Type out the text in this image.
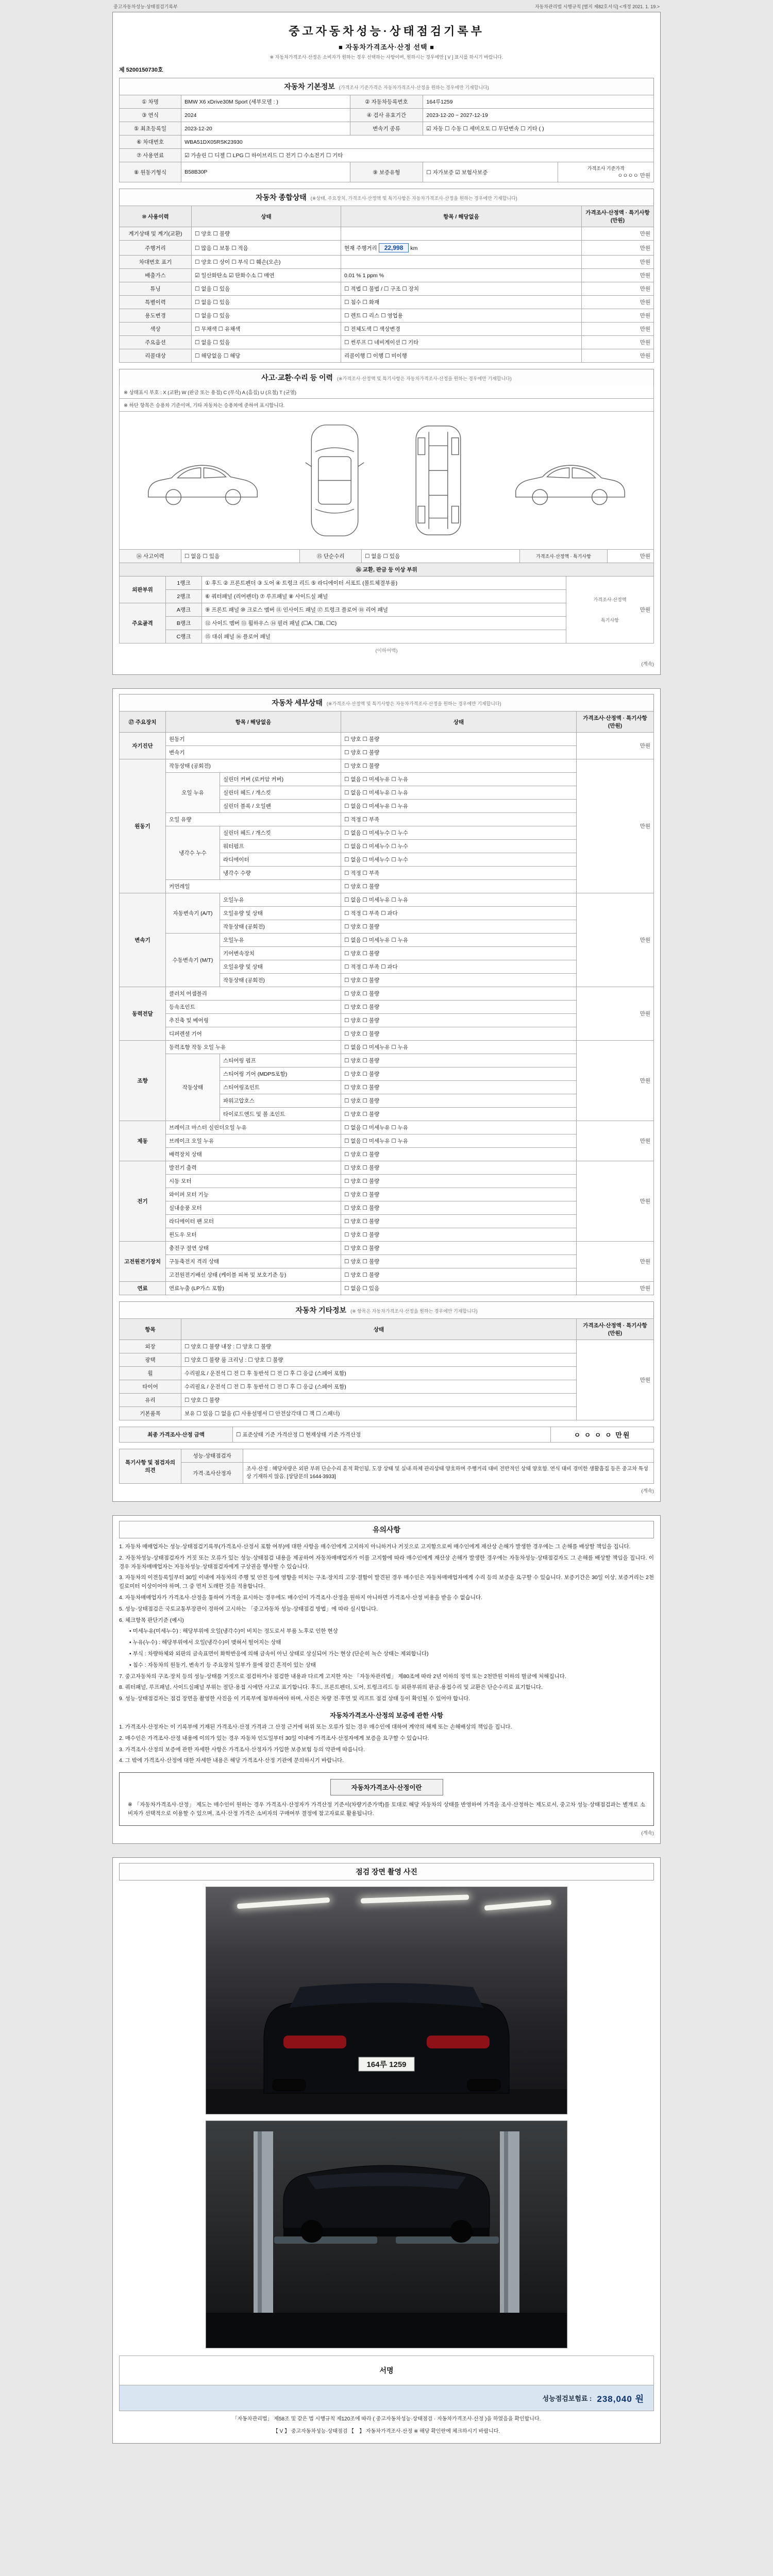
중고자동차성능·상태점검기록부	자동차관리법 시행규칙 [별지 제82호서식] <개정 2021. 1. 19.>
중고자동차성능·상태점검기록부
■ 자동차가격조사·산정 선택 ■
※ 자동차가격조사·산정은 소비자가 원하는 경우 선택하는 사항이며, 원하시는 경우에만 [ V ] 표시를 하시기 바랍니다.
제 5200150730호
자동차 기본정보 (가격조사 기준가격은 자동차가격조사·산정을 원하는 경우에만 기재합니다)
① 차명	BMW X6 xDrive30M Sport (세부모델 : )	② 자동차등록번호	164루1259	
③ 연식	2024	④ 검사 유효기간	2023-12-20 ~ 2027-12-19	
⑤ 최초등록일	2023-12-20	변속기 종류	☑ 자동 ☐ 수동 ☐ 세미오토 ☐ 무단변속 ☐ 기타 ( )	
⑥ 차대번호	WBA51DX05RSK23930			
⑦ 사용연료	☑ 가솔린 ☐ 디젤 ☐ LPG ☐ 하이브리드 ☐ 전기 ☐ 수소전기 ☐ 기타			
⑧ 원동기형식	B58B30P	⑨ 보증유형	☐ 자가보증 ☑ 보험사보증	가격조사 기준가격
ㅇㅇㅇㅇ 만원
자동차 종합상태 (※상태, 주요장치, 가격조사·산정액 및 특기사항은 자동차가격조사·산정을 원하는 경우에만 기재합니다)
⑩ 사용이력	상태	항목 / 해당없음	가격조사·산정액 · 특기사항 (만원)
계기상태 및 계기(교환)	☐ 양호 ☐ 불량		만원
주행거리	☐ 많음 ☐ 보통 ☐ 적음	현재 주행거리 22,998 km	만원
차대번호 표기	☐ 양호 ☐ 상이 ☐ 부식 ☐ 훼손(오손)		만원
배출가스	☑ 일산화탄소 ☑ 탄화수소 ☐ 매연	0.01 % 1 ppm %	만원
튜닝	☐ 없음 ☐ 있음	☐ 적법 ☐ 불법 / ☐ 구조 ☐ 장치	만원
특별이력	☐ 없음 ☐ 있음	☐ 침수 ☐ 화재	만원
용도변경	☐ 없음 ☐ 있음	☐ 렌트 ☐ 리스 ☐ 영업용	만원
색상	☐ 무채색 ☐ 유채색	☐ 전체도색 ☐ 색상변경	만원
주요옵션	☐ 없음 ☐ 있음	☐ 썬루프 ☐ 네비게이션 ☐ 기타	만원
리콜대상	☐ 해당없음 ☐ 해당	리콜이행 ☐ 이행 ☐ 미이행	만원
사고·교환·수리 등 이력 (※가격조사·산정액 및 특기사항은 자동차가격조사·산정을 원하는 경우에만 기재합니다)
※ 상태표시 부호 : X (교환) W (판금 또는 용접) C (부식) A (흠집) U (요철) T (균열)
※ 하단 항목은 승용차 기준이며, 기타 자동차는 승용차에 준하여 표시합니다.
⑭ 사고이력	☐ 없음 ☐ 있음	⑮ 단순수리	☐ 없음 ☐ 있음	가격조사·산정액 · 특기사항	만원
⑯ 교환, 판금 등 이상 부위			
외판부위	1랭크	① 후드 ② 프론트펜더 ③ 도어 ④ 트렁크 리드 ⑤ 라디에이터 서포트 (볼트체결부품)	가격조사·산정액
만원
특기사항

	2랭크	⑥ 쿼터패널 (리어펜더) ⑦ 루프패널 ⑧ 사이드실 패널	
주요골격	A랭크	⑨ 프론트 패널 ⑩ 크로스 멤버 ⑪ 인사이드 패널 ⑰ 트렁크 플로어 ⑱ 리어 패널	
	B랭크	⑫ 사이드 멤버 ⑬ 휠하우스 ⑭ 필러 패널 (☐A, ☐B, ☐C)	
	C랭크	⑮ 대쉬 패널 ⑯ 플로어 패널	
(이하여백)
(계속)
자동차 세부상태 (※가격조사·산정액 및 특기사항은 자동차가격조사·산정을 원하는 경우에만 기재합니다)
⑰ 주요장치	항목 / 해당없음		상태	가격조사·산정액 · 특기사항 (만원)
자기진단	원동기		☐ 양호 ☐ 불량	만원
	변속기		☐ 양호 ☐ 불량	
원동기	작동상태 (공회전)		☐ 양호 ☐ 불량	만원
	오일 누유	실린더 커버 (로커암 커버)	☐ 없음 ☐ 미세누유 ☐ 누유	
		실린더 헤드 / 개스킷	☐ 없음 ☐ 미세누유 ☐ 누유	
		실린더 블록 / 오일팬	☐ 없음 ☐ 미세누유 ☐ 누유	
	오일 유량		☐ 적정 ☐ 부족	
	냉각수 누수	실린더 헤드 / 개스킷	☐ 없음 ☐ 미세누수 ☐ 누수	
		워터펌프	☐ 없음 ☐ 미세누수 ☐ 누수	
		라디에이터	☐ 없음 ☐ 미세누수 ☐ 누수	
		냉각수 수량	☐ 적정 ☐ 부족	
	커먼레일		☐ 양호 ☐ 불량	
변속기	자동변속기 (A/T)	오일누유	☐ 없음 ☐ 미세누유 ☐ 누유	만원
		오일유량 및 상태	☐ 적정 ☐ 부족 ☐ 과다	
		작동상태 (공회전)	☐ 양호 ☐ 불량	
	수동변속기 (M/T)	오일누유	☐ 없음 ☐ 미세누유 ☐ 누유	
		기어변속장치	☐ 양호 ☐ 불량	
		오일유량 및 상태	☐ 적정 ☐ 부족 ☐ 과다	
		작동상태 (공회전)	☐ 양호 ☐ 불량	
동력전달	클러치 어셈블리		☐ 양호 ☐ 불량	만원
	등속조인트		☐ 양호 ☐ 불량	
	추진축 및 베어링		☐ 양호 ☐ 불량	
	디퍼렌셜 기어		☐ 양호 ☐ 불량	
조향	동력조향 작동 오일 누유		☐ 없음 ☐ 미세누유 ☐ 누유	만원
	작동상태	스티어링 펌프	☐ 양호 ☐ 불량	
		스티어링 기어 (MDPS포함)	☐ 양호 ☐ 불량	
		스티어링조인트	☐ 양호 ☐ 불량	
		파워고압호스	☐ 양호 ☐ 불량	
		타이로드엔드 및 볼 조인트	☐ 양호 ☐ 불량	
제동	브레이크 마스터 실린더오일 누유		☐ 없음 ☐ 미세누유 ☐ 누유	만원
	브레이크 오일 누유		☐ 없음 ☐ 미세누유 ☐ 누유	
	배력장치 상태		☐ 양호 ☐ 불량	
전기	발전기 출력		☐ 양호 ☐ 불량	만원
	시동 모터		☐ 양호 ☐ 불량	
	와이퍼 모터 기능		☐ 양호 ☐ 불량	
	실내송풍 모터		☐ 양호 ☐ 불량	
	라디에이터 팬 모터		☐ 양호 ☐ 불량	
	윈도우 모터		☐ 양호 ☐ 불량	
고전원전기장치	충전구 절연 상태		☐ 양호 ☐ 불량	만원
	구동축전지 격리 상태		☐ 양호 ☐ 불량	
	고전원전기배선 상태 (케이블 피복 및 보호기준 등)		☐ 양호 ☐ 불량	
연료	연료누출 (LP가스 포함)		☐ 없음 ☐ 있음	만원
자동차 기타정보 (※ 항목은 자동차가격조사·산정을 원하는 경우에만 기재합니다)
항목	상태	가격조사·산정액 · 특기사항 (만원)
외장	☐ 양호 ☐ 불량 내장 : ☐ 양호 ☐ 불량	만원
광택	☐ 양호 ☐ 불량 룸 크리닝 : ☐ 양호 ☐ 불량	
휠	수리필요 / 운전석 ☐ 전 ☐ 후 동반석 ☐ 전 ☐ 후 ☐ 응급 (스페어 포함)	
타이어	수리필요 / 운전석 ☐ 전 ☐ 후 동반석 ☐ 전 ☐ 후 ☐ 응급 (스페어 포함)	
유리	☐ 양호 ☐ 불량	
기본품목	보유 ☐ 있음 ☐ 없음 (☐ 사용설명서 ☐ 안전삼각대 ☐ 잭 ☐ 스패너)	
최종 가격조사·산정 금액	☐ 표준상태 기준 가격산정 ☐ 현재상태 기준 가격산정	ㅇ ㅇ ㅇ ㅇ 만원
특기사항 및 점검자의 의견	성능·상태점검자	
	가격·조사산정자	조사·산정 : 해당차량은 외판 부위 단순수리 흔적 확인됨. 도장 상태 및 실내·하체 관리상태 양호하며 주행거리 대비 전반적인 상태 양호함. 연식 대비 경미한 생활흠집 등은 중고차 특성상 기재하지 않음. [상담문의 1644-3933]
(계속)
유의사항
1. 자동차 매매업자는 성능·상태점검기록부(가격조사·산정서 포함 여부)에 대한 사항을 매수인에게 고지하지 아니하거나 거짓으로 고지함으로써 매수인에게 재산상 손해가 발생한 경우에는 그 손해를 배상할 책임을 집니다.
2. 자동차성능·상태점검자가 거짓 또는 오류가 있는 성능·상태점검 내용을 제공하여 자동차매매업자가 이를 고지함에 따라 매수인에게 재산상 손해가 발생한 경우에는 자동차성능·상태점검자도 그 손해를 배상할 책임을 집니다. 이 경우 자동차매매업자는 자동차성능·상태점검자에게 구상권을 행사할 수 있습니다.
3. 자동차의 이전등록일부터 30일 이내에 자동차의 주행 및 안전 등에 영향을 미치는 구조·장치의 고장·결함이 발견된 경우 매수인은 자동차매매업자에게 수리 등의 보증을 요구할 수 있습니다. 보증기간은 30일 이상, 보증거리는 2천킬로미터 이상이어야 하며, 그 중 먼저 도래한 것을 적용합니다.
4. 자동차매매업자가 가격조사·산정을 통하여 가격을 표시하는 경우에도 매수인이 가격조사·산정을 원하지 아니하면 가격조사·산정 비용을 받을 수 없습니다.
5. 성능·상태점검은 국토교통부장관이 정하여 고시하는 「중고자동차 성능·상태점검 방법」에 따라 실시합니다.
6. 체크항목 판단기준 (예시)
• 미세누유(미세누수) : 해당부위에 오일(냉각수)이 비치는 정도로서 부품 노후로 인한 현상
• 누유(누수) : 해당부위에서 오일(냉각수)이 맺혀서 떨어지는 상태
• 부식 : 차량하체와 외판의 금속표면이 화학반응에 의해 금속이 아닌 상태로 상실되어 가는 현상 (단순히 녹슨 상태는 제외합니다)
• 침수 : 자동차의 원동기, 변속기 등 주요장치 일부가 물에 잠긴 흔적이 있는 상태
7. 중고자동차의 구조·장치 등의 성능·상태를 거짓으로 점검하거나 점검한 내용과 다르게 고지한 자는 「자동차관리법」 제80조에 따라 2년 이하의 징역 또는 2천만원 이하의 벌금에 처해집니다.
8. 쿼터패널, 루프패널, 사이드실패널 부위는 절단·용접 시에만 사고로 표기합니다. 후드, 프론트펜더, 도어, 트렁크리드 등 외판부위의 판금·용접수리 및 교환은 단순수리로 표기합니다.
9. 성능·상태점검자는 점검 장면을 촬영한 사진을 이 기록부에 첨부하여야 하며, 사진은 차량 전·후면 및 리프트 점검 상태 등이 확인될 수 있어야 합니다.
자동차가격조사·산정의 보증에 관한 사항
1. 가격조사·산정자는 이 기록부에 기재된 가격조사·산정 가격과 그 산정 근거에 허위 또는 오류가 있는 경우 매수인에 대하여 계약의 해제 또는 손해배상의 책임을 집니다.
2. 매수인은 가격조사·산정 내용에 이의가 있는 경우 자동차 인도일부터 30일 이내에 가격조사·산정자에게 보증을 요구할 수 있습니다.
3. 가격조사·산정의 보증에 관한 자세한 사항은 가격조사·산정자가 가입한 보증보험 등의 약관에 따릅니다.
4. 그 밖에 가격조사·산정에 대한 자세한 내용은 해당 가격조사·산정 기관에 문의하시기 바랍니다.
자동차가격조사·산정이란
※ 「자동차가격조사·산정」 제도는 매수인이 원하는 경우 가격조사·산정자가 가격산정 기준서(차량기준가액)를 토대로 해당 자동차의 상태를 반영하여 가격을 조사·산정하는 제도로서, 중고차 성능·상태점검과는 별개로 소비자가 선택적으로 이용할 수 있으며, 조사·산정 가격은 소비자의 구매여부 결정에 참고자료로 활용됩니다.
(계속)
점검 장면 촬영 사진
164루 1259
서명
성능점검보험료 : 238,040 원
「자동차관리법」 제58조 및 같은 법 시행규칙 제120조에 따라 ( 중고자동차성능·상태점검 · 자동차가격조사·산정 )을 하였음을 확인합니다.
【 V 】 중고자동차성능·상태점검 【　】 자동차가격조사·산정 ※ 해당 확인란에 체크하시기 바랍니다.
